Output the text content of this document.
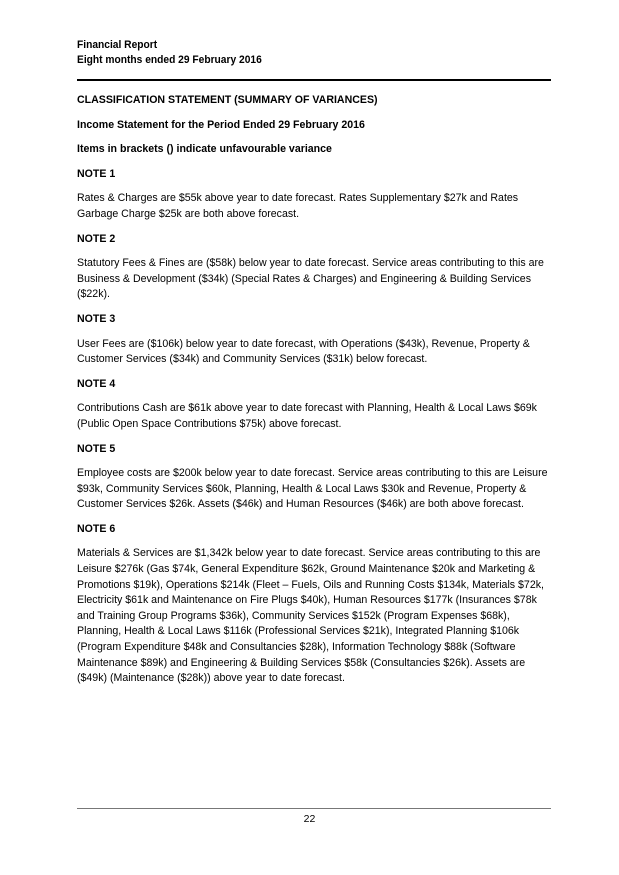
Financial Report
Eight months ended 29 February 2016

CLASSIFICATION STATEMENT (SUMMARY OF VARIANCES)

Income Statement for the Period Ended 29 February 2016

Items in brackets () indicate unfavourable variance

NOTE 1

Rates & Charges are $55k above year to date forecast. Rates Supplementary $27k and Rates Garbage Charge $25k are both above forecast.

NOTE 2

Statutory Fees & Fines are ($58k) below year to date forecast. Service areas contributing to this are Business & Development ($34k) (Special Rates & Charges) and Engineering & Building Services ($22k).

NOTE 3

User Fees are ($106k) below year to date forecast, with Operations ($43k), Revenue, Property & Customer Services ($34k) and Community Services ($31k) below forecast.

NOTE 4

Contributions Cash are $61k above year to date forecast with Planning, Health & Local Laws $69k (Public Open Space Contributions $75k) above forecast.

NOTE 5

Employee costs are $200k below year to date forecast. Service areas contributing to this are Leisure $93k, Community Services $60k, Planning, Health & Local Laws $30k and Revenue, Property & Customer Services $26k. Assets ($46k) and Human Resources ($46k) are both above forecast.

NOTE 6

Materials & Services are $1,342k below year to date forecast. Service areas contributing to this are Leisure $276k (Gas $74k, General Expenditure $62k, Ground Maintenance $20k and Marketing & Promotions $19k), Operations $214k (Fleet – Fuels, Oils and Running Costs $134k, Materials $72k, Electricity $61k and Maintenance on Fire Plugs $40k), Human Resources $177k (Insurances $78k and Training Group Programs $36k), Community Services $152k (Program Expenses $68k), Planning, Health & Local Laws $116k (Professional Services $21k), Integrated Planning $106k (Program Expenditure $48k and Consultancies $28k), Information Technology $88k (Software Maintenance $89k) and Engineering & Building Services $58k (Consultancies $26k). Assets are ($49k) (Maintenance ($28k)) above year to date forecast.

22
